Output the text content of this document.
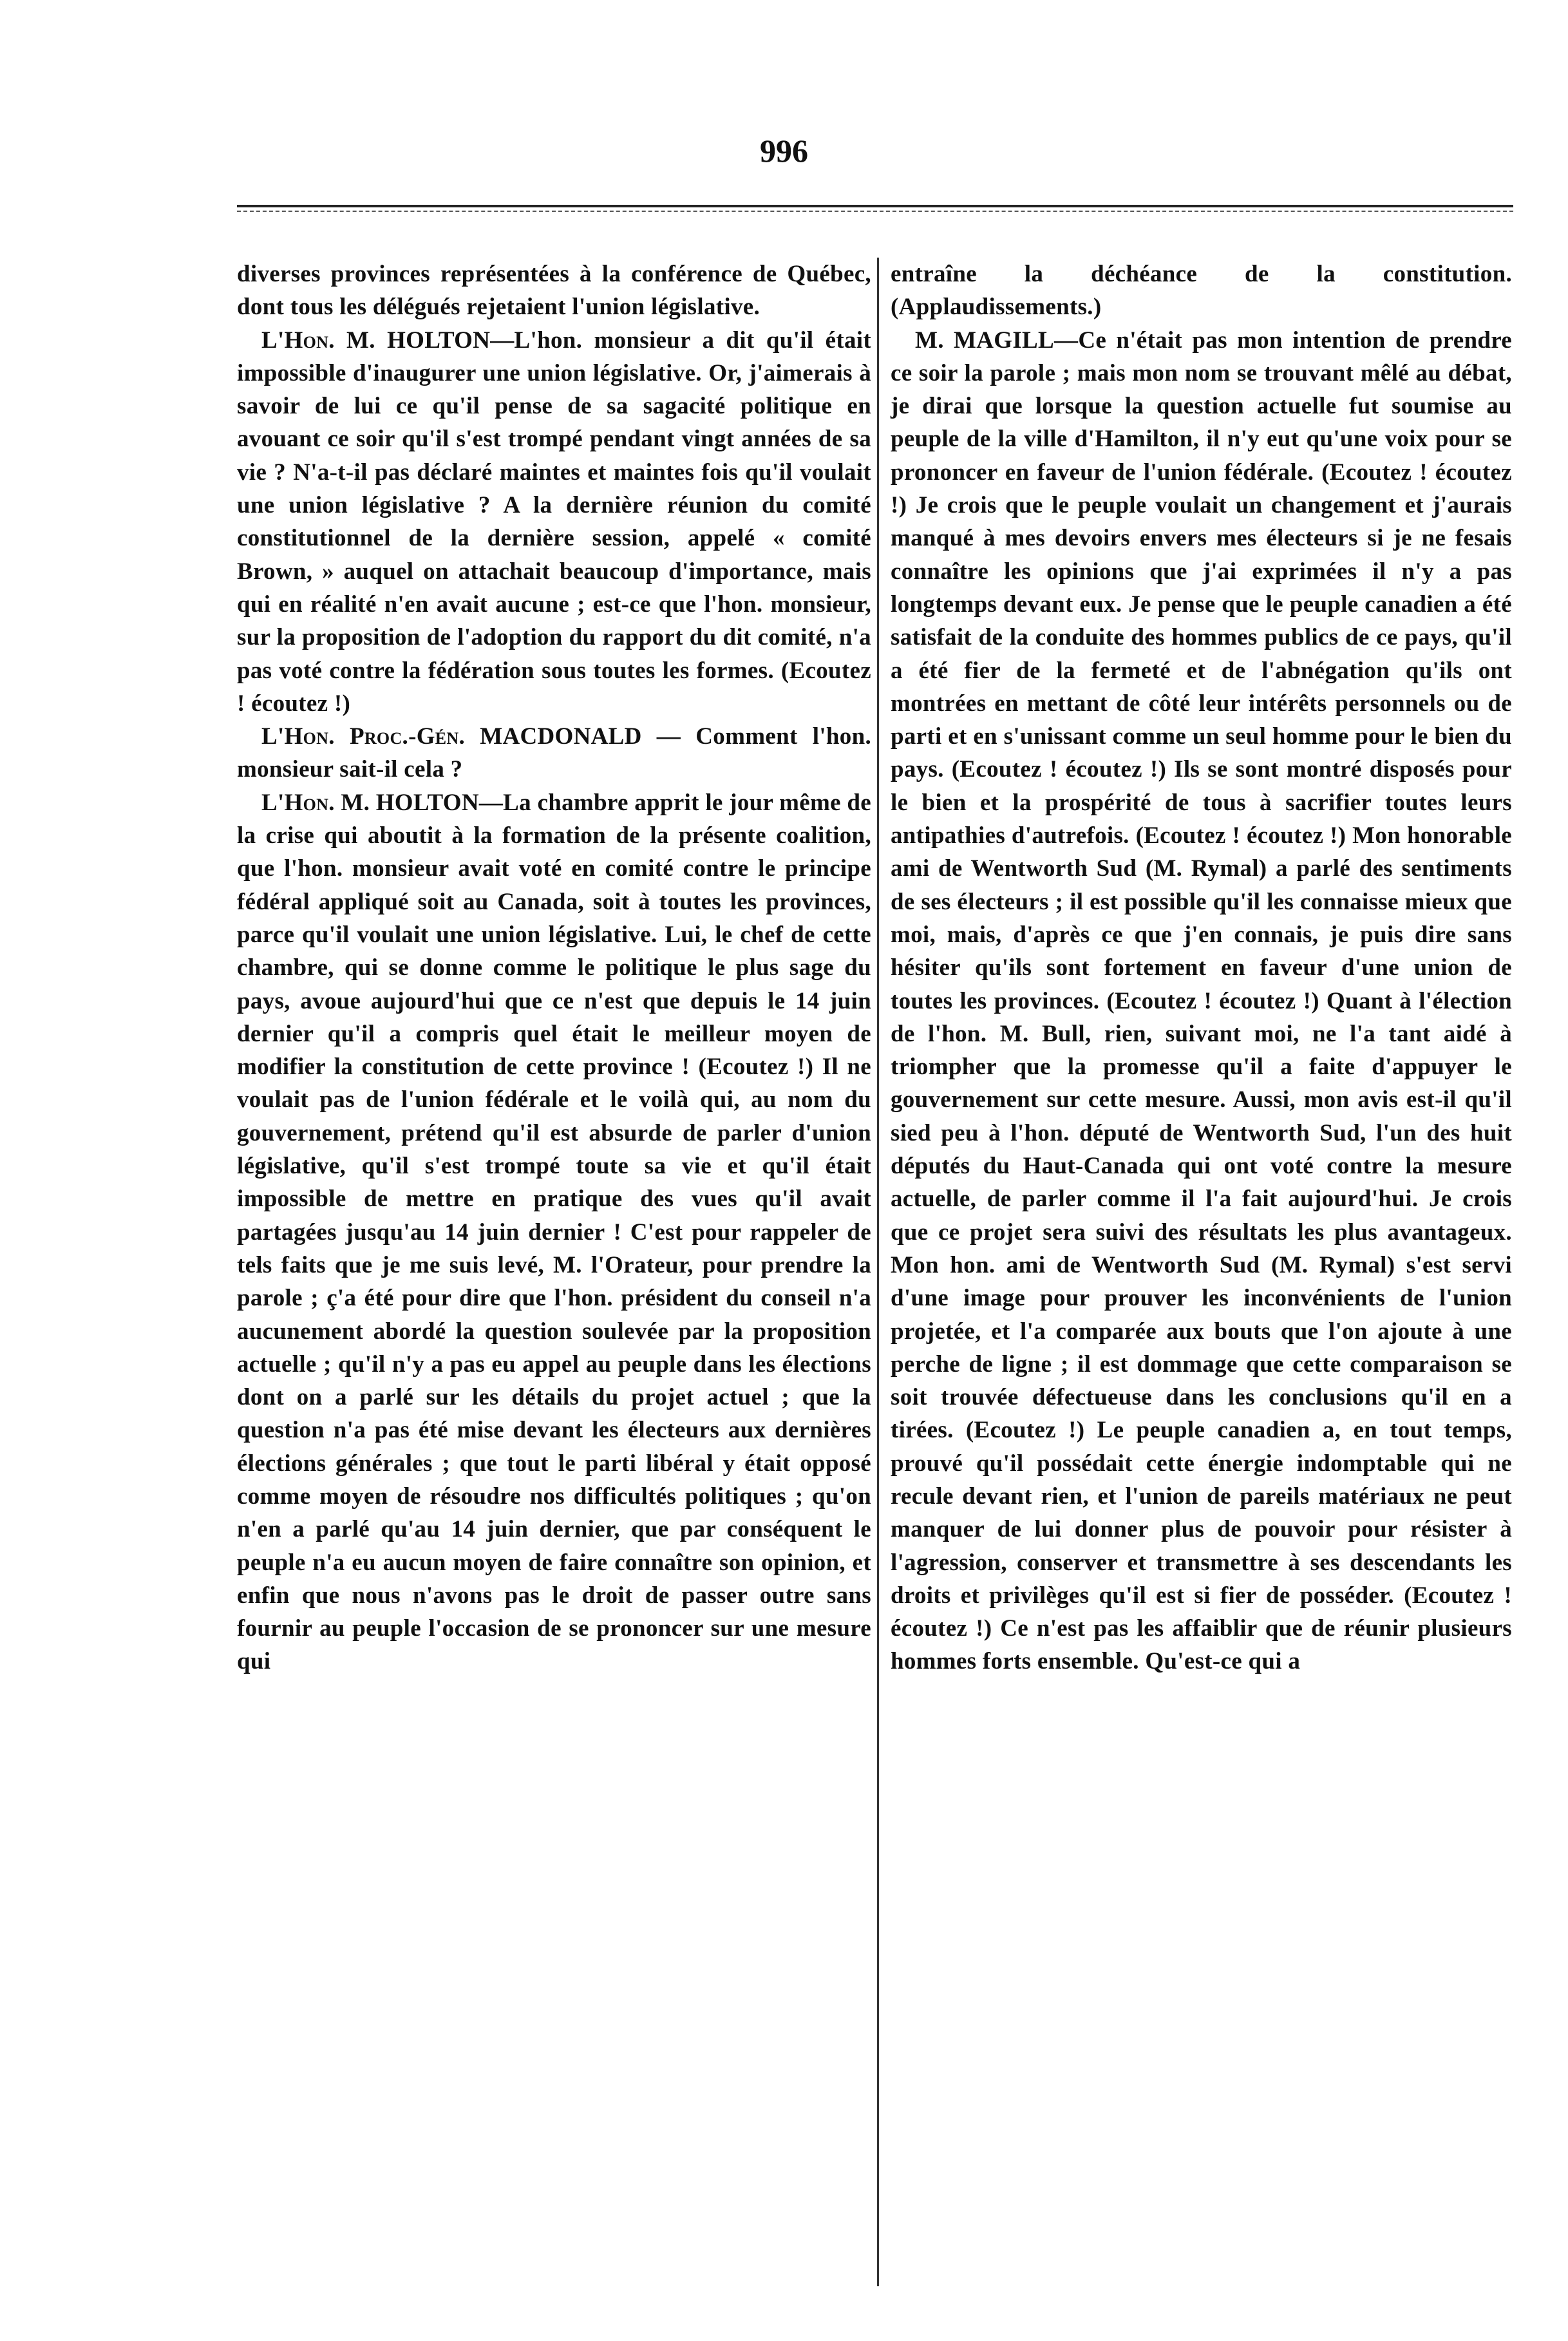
996

diverses provinces représentées à la conférence de Québec, dont tous les délégués rejetaient l'union législative.

L'Hon. M. HOLTON—L'hon. monsieur a dit qu'il était impossible d'inaugurer une union législative. Or, j'aimerais à savoir de lui ce qu'il pense de sa sagacité politique en avouant ce soir qu'il s'est trompé pendant vingt années de sa vie ? N'a-t-il pas déclaré maintes et maintes fois qu'il voulait une union législative ? A la dernière réunion du comité constitutionnel de la dernière session, appelé « comité Brown, » auquel on attachait beaucoup d'importance, mais qui en réalité n'en avait aucune ; est-ce que l'hon. monsieur, sur la proposition de l'adoption du rapport du dit comité, n'a pas voté contre la fédération sous toutes les formes. (Ecoutez ! écoutez !)

L'Hon. Proc.-Gén. MACDONALD — Comment l'hon. monsieur sait-il cela ?

L'Hon. M. HOLTON—La chambre apprit le jour même de la crise qui aboutit à la formation de la présente coalition, que l'hon. monsieur avait voté en comité contre le principe fédéral appliqué soit au Canada, soit à toutes les provinces, parce qu'il voulait une union législative. Lui, le chef de cette chambre, qui se donne comme le politique le plus sage du pays, avoue aujourd'hui que ce n'est que depuis le 14 juin dernier qu'il a compris quel était le meilleur moyen de modifier la constitution de cette province ! (Ecoutez !) Il ne voulait pas de l'union fédérale et le voilà qui, au nom du gouvernement, prétend qu'il est absurde de parler d'union législative, qu'il s'est trompé toute sa vie et qu'il était impossible de mettre en pratique des vues qu'il avait partagées jusqu'au 14 juin dernier ! C'est pour rappeler de tels faits que je me suis levé, M. l'Orateur, pour prendre la parole ; ç'a été pour dire que l'hon. président du conseil n'a aucunement abordé la question soulevée par la proposition actuelle ; qu'il n'y a pas eu appel au peuple dans les élections dont on a parlé sur les détails du projet actuel ; que la question n'a pas été mise devant les électeurs aux dernières élections générales ; que tout le parti libéral y était opposé comme moyen de résoudre nos difficultés politiques ; qu'on n'en a parlé qu'au 14 juin dernier, que par conséquent le peuple n'a eu aucun moyen de faire connaître son opinion, et enfin que nous n'avons pas le droit de passer outre sans fournir au peuple l'occasion de se prononcer sur une mesure qui

entraîne la déchéance de la constitution. (Applaudissements.)

M. MAGILL—Ce n'était pas mon intention de prendre ce soir la parole ; mais mon nom se trouvant mêlé au débat, je dirai que lorsque la question actuelle fut soumise au peuple de la ville d'Hamilton, il n'y eut qu'une voix pour se prononcer en faveur de l'union fédérale. (Ecoutez ! écoutez !) Je crois que le peuple voulait un changement et j'aurais manqué à mes devoirs envers mes électeurs si je ne fesais connaître les opinions que j'ai exprimées il n'y a pas longtemps devant eux. Je pense que le peuple canadien a été satisfait de la conduite des hommes publics de ce pays, qu'il a été fier de la fermeté et de l'abnégation qu'ils ont montrées en mettant de côté leur intérêts personnels ou de parti et en s'unissant comme un seul homme pour le bien du pays. (Ecoutez ! écoutez !) Ils se sont montré disposés pour le bien et la prospérité de tous à sacrifier toutes leurs antipathies d'autrefois. (Ecoutez ! écoutez !) Mon honorable ami de Wentworth Sud (M. Rymal) a parlé des sentiments de ses électeurs ; il est possible qu'il les connaisse mieux que moi, mais, d'après ce que j'en connais, je puis dire sans hésiter qu'ils sont fortement en faveur d'une union de toutes les provinces. (Ecoutez ! écoutez !) Quant à l'élection de l'hon. M. Bull, rien, suivant moi, ne l'a tant aidé à triompher que la promesse qu'il a faite d'appuyer le gouvernement sur cette mesure. Aussi, mon avis est-il qu'il sied peu à l'hon. député de Wentworth Sud, l'un des huit députés du Haut-Canada qui ont voté contre la mesure actuelle, de parler comme il l'a fait aujourd'hui. Je crois que ce projet sera suivi des résultats les plus avantageux. Mon hon. ami de Wentworth Sud (M. Rymal) s'est servi d'une image pour prouver les inconvénients de l'union projetée, et l'a comparée aux bouts que l'on ajoute à une perche de ligne ; il est dommage que cette comparaison se soit trouvée défectueuse dans les conclusions qu'il en a tirées. (Ecoutez !) Le peuple canadien a, en tout temps, prouvé qu'il possédait cette énergie indomptable qui ne recule devant rien, et l'union de pareils matériaux ne peut manquer de lui donner plus de pouvoir pour résister à l'agression, conserver et transmettre à ses descendants les droits et privilèges qu'il est si fier de posséder. (Ecoutez ! écoutez !) Ce n'est pas les affaiblir que de réunir plusieurs hommes forts ensemble. Qu'est-ce qui a
